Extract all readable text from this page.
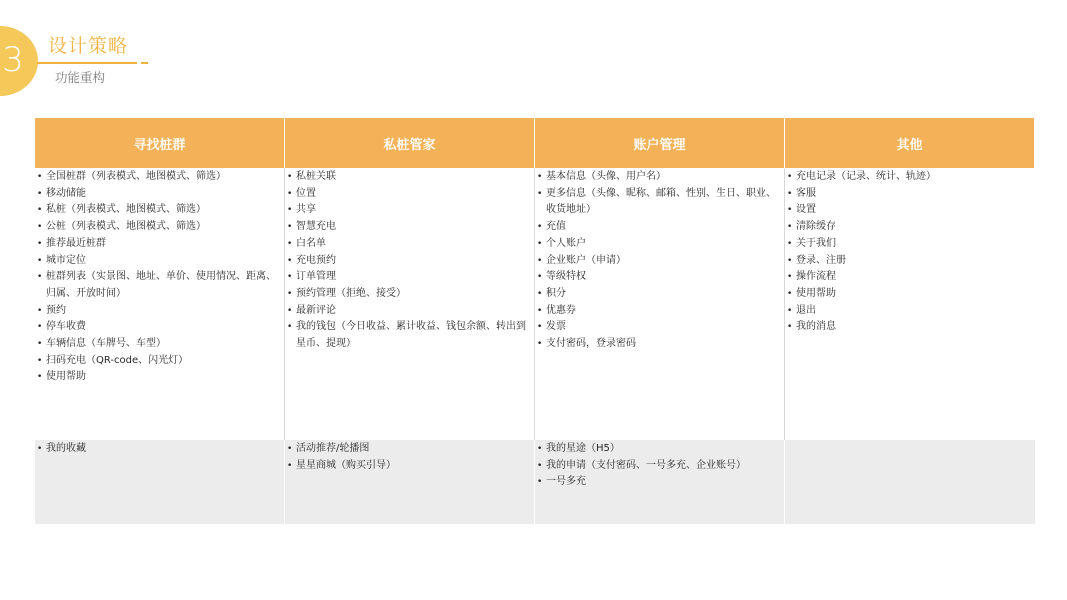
3 设计策略
功能重构
寻找桩群	私桩管家	账户管理	其他
• 全国桩群（列表模式、地图模式、筛选）
• 移动储能
• 私桩（列表模式、地图模式、筛选）
• 公桩（列表模式、地图模式、筛选）
• 推荐最近桩群
• 城市定位
• 桩群列表（实景图、地址、单价、使用情况、距离、归属、开放时间）
• 预约
• 停车收费
• 车辆信息（车牌号、车型）
• 扫码充电（QR-code、闪光灯）
• 使用帮助
• 私桩关联
• 位置
• 共享
• 智慧充电
• 白名单
• 充电预约
• 订单管理
• 预约管理（拒绝、接受）
• 最新评论
• 我的钱包（今日收益、累计收益、钱包余额、转出到星币、提现）
• 基本信息（头像、用户名）
• 更多信息（头像、昵称、邮箱、性别、生日、职业、收货地址）
• 充值
• 个人账户
• 企业账户（申请）
• 等级特权
• 积分
• 优惠券
• 发票
• 支付密码，登录密码
• 充电记录（记录、统计、轨迹）
• 客服
• 设置
• 清除缓存
• 关于我们
• 登录、注册
• 操作流程
• 使用帮助
• 退出
• 我的消息
• 我的收藏
•	活动推荐/轮播图
• 星星商城（购买引导）
• 我的星途（H5）
• 我的申请（支付密码、一号多充、企业账号）
• 一号多充
